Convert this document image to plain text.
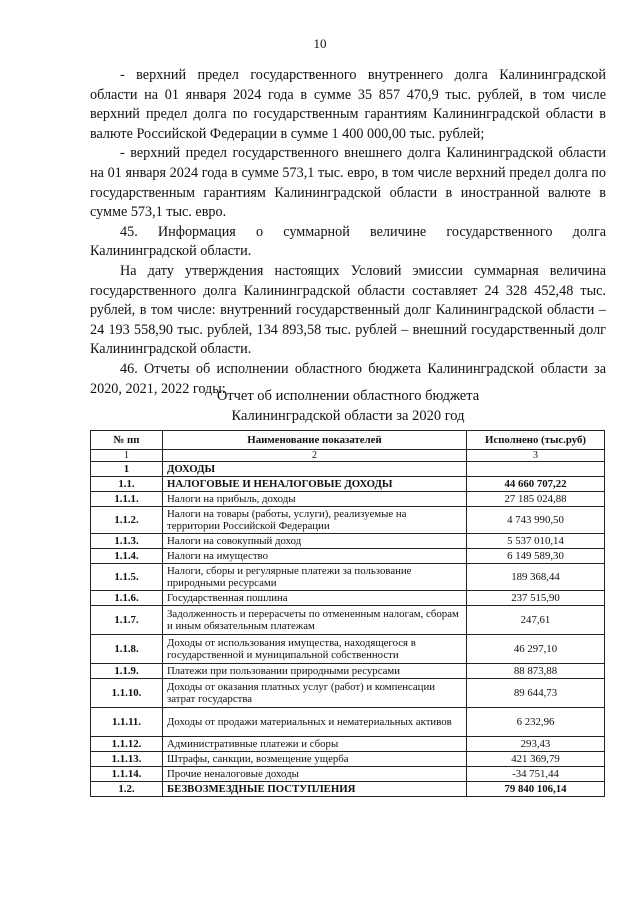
10

- верхний предел государственного внутреннего долга Калининградской области на 01 января 2024 года в сумме 35 857 470,9 тыс. рублей, в том числе верхний предел долга по государственным гарантиям Калининградской области в валюте Российской Федерации в сумме 1 400 000,00 тыс. рублей;

- верхний предел государственного внешнего долга Калининградской области на 01 января 2024 года в сумме 573,1 тыс. евро, в том числе верхний предел долга по государственным гарантиям Калининградской области в иностранной валюте в сумме 573,1 тыс. евро.

45. Информация о суммарной величине государственного долга Калининградской области.

На дату утверждения настоящих Условий эмиссии суммарная величина государственного долга Калининградской области составляет 24 328 452,48 тыс. рублей, в том числе: внутренний государственный долг Калининградской области – 24 193 558,90 тыс. рублей, 134 893,58 тыс. рублей – внешний государственный долг Калининградской области.

46. Отчеты об исполнении областного бюджета Калининградской области за 2020, 2021, 2022 годы:

Отчет об исполнении областного бюджета
Калининградской области за 2020 год
№ пп	Наименование показателей	Исполнено (тыс.руб)
1	2	3
1	ДОХОДЫ	
1.1.	НАЛОГОВЫЕ И НЕНАЛОГОВЫЕ ДОХОДЫ	44 660 707,22
1.1.1.	Налоги на прибыль, доходы	27 185 024,88
1.1.2.	Налоги на товары (работы, услуги), реализуемые на территории Российской Федерации	4 743 990,50
1.1.3.	Налоги на совокупный доход	5 537 010,14
1.1.4.	Налоги на имущество	6 149 589,30
1.1.5.	Налоги, сборы и регулярные платежи за пользование природными ресурсами	189 368,44
1.1.6.	Государственная пошлина	237 515,90
1.1.7.	Задолженность и перерасчеты по отмененным налогам, сборам и иным обязательным платежам	247,61
1.1.8.	Доходы от использования имущества, находящегося в государственной и муниципальной собственности	46 297,10
1.1.9.	Платежи при пользовании природными ресурсами	88 873,88
1.1.10.	Доходы от оказания платных услуг (работ) и компенсации затрат государства	89 644,73
1.1.11.	Доходы от продажи материальных и нематериальных активов	6 232,96
1.1.12.	Административные платежи и сборы	293,43
1.1.13.	Штрафы, санкции, возмещение ущерба	421 369,79
1.1.14.	Прочие неналоговые доходы	-34 751,44
1.2.	БЕЗВОЗМЕЗДНЫЕ ПОСТУПЛЕНИЯ	79 840 106,14
